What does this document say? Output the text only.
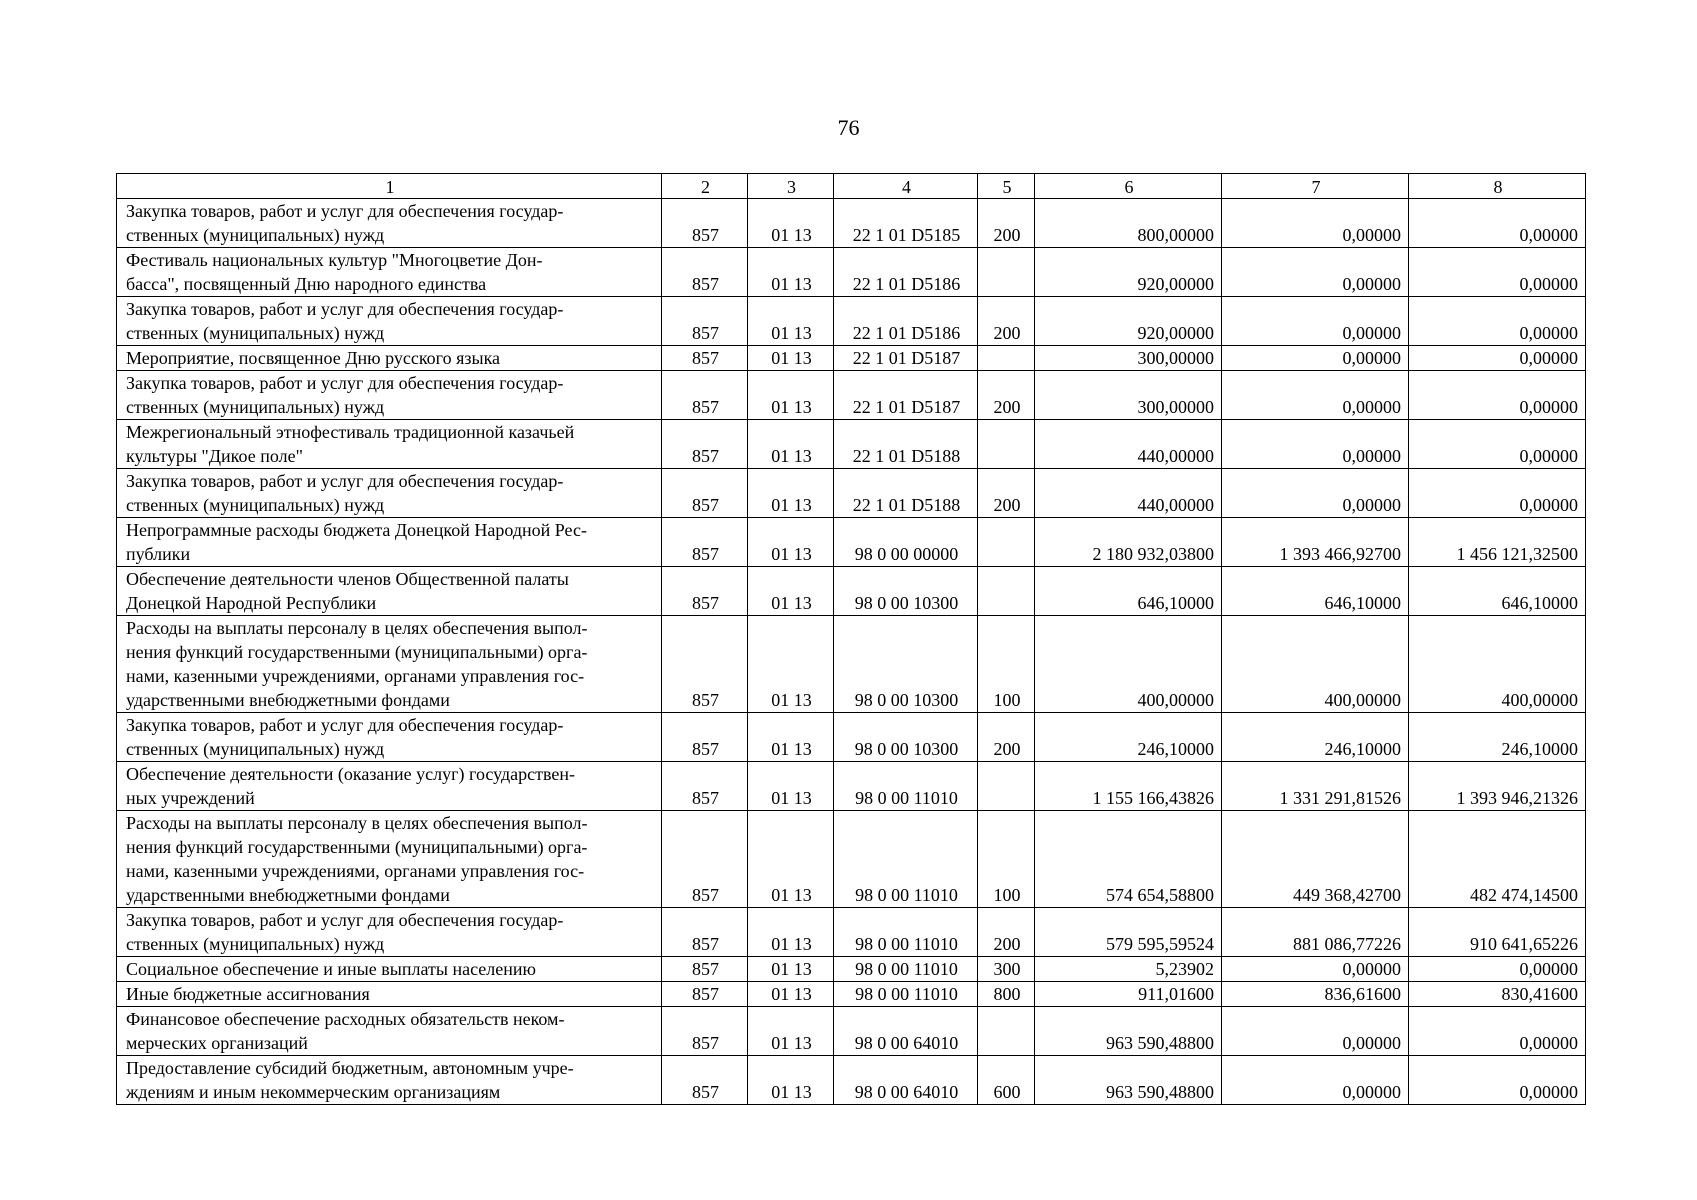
76
1	2	3	4	5	6	7	8
Закупка товаров, работ и услуг для обеспечения государ-
ственных (муниципальных) нужд	857	01 13	22 1 01 D5185	200	800,00000	0,00000	0,00000
Фестиваль национальных культур "Многоцветие Дон-
басса", посвященный Дню народного единства	857	01 13	22 1 01 D5186		920,00000	0,00000	0,00000
Закупка товаров, работ и услуг для обеспечения государ-
ственных (муниципальных) нужд	857	01 13	22 1 01 D5186	200	920,00000	0,00000	0,00000
Мероприятие, посвященное Дню русского языка	857	01 13	22 1 01 D5187		300,00000	0,00000	0,00000
Закупка товаров, работ и услуг для обеспечения государ-
ственных (муниципальных) нужд	857	01 13	22 1 01 D5187	200	300,00000	0,00000	0,00000
Межрегиональный этнофестиваль традиционной казачьей
культуры "Дикое поле"	857	01 13	22 1 01 D5188		440,00000	0,00000	0,00000
Закупка товаров, работ и услуг для обеспечения государ-
ственных (муниципальных) нужд	857	01 13	22 1 01 D5188	200	440,00000	0,00000	0,00000
Непрограммные расходы бюджета Донецкой Народной Рес-
публики	857	01 13	98 0 00 00000		2 180 932,03800	1 393 466,92700	1 456 121,32500
Обеспечение деятельности членов Общественной палаты
Донецкой Народной Республики	857	01 13	98 0 00 10300		646,10000	646,10000	646,10000
Расходы на выплаты персоналу в целях обеспечения выпол-
нения функций государственными (муниципальными) орга-
нами, казенными учреждениями, органами управления гос-
ударственными внебюджетными фондами	857	01 13	98 0 00 10300	100	400,00000	400,00000	400,00000
Закупка товаров, работ и услуг для обеспечения государ-
ственных (муниципальных) нужд	857	01 13	98 0 00 10300	200	246,10000	246,10000	246,10000
Обеспечение деятельности (оказание услуг) государствен-
ных учреждений	857	01 13	98 0 00 11010		1 155 166,43826	1 331 291,81526	1 393 946,21326
Расходы на выплаты персоналу в целях обеспечения выпол-
нения функций государственными (муниципальными) орга-
нами, казенными учреждениями, органами управления гос-
ударственными внебюджетными фондами	857	01 13	98 0 00 11010	100	574 654,58800	449 368,42700	482 474,14500
Закупка товаров, работ и услуг для обеспечения государ-
ственных (муниципальных) нужд	857	01 13	98 0 00 11010	200	579 595,59524	881 086,77226	910 641,65226
Социальное обеспечение и иные выплаты населению	857	01 13	98 0 00 11010	300	5,23902	0,00000	0,00000
Иные бюджетные ассигнования	857	01 13	98 0 00 11010	800	911,01600	836,61600	830,41600
Финансовое обеспечение расходных обязательств неком-
мерческих организаций	857	01 13	98 0 00 64010		963 590,48800	0,00000	0,00000
Предоставление субсидий бюджетным, автономным учре-
ждениям и иным некоммерческим организациям	857	01 13	98 0 00 64010	600	963 590,48800	0,00000	0,00000
